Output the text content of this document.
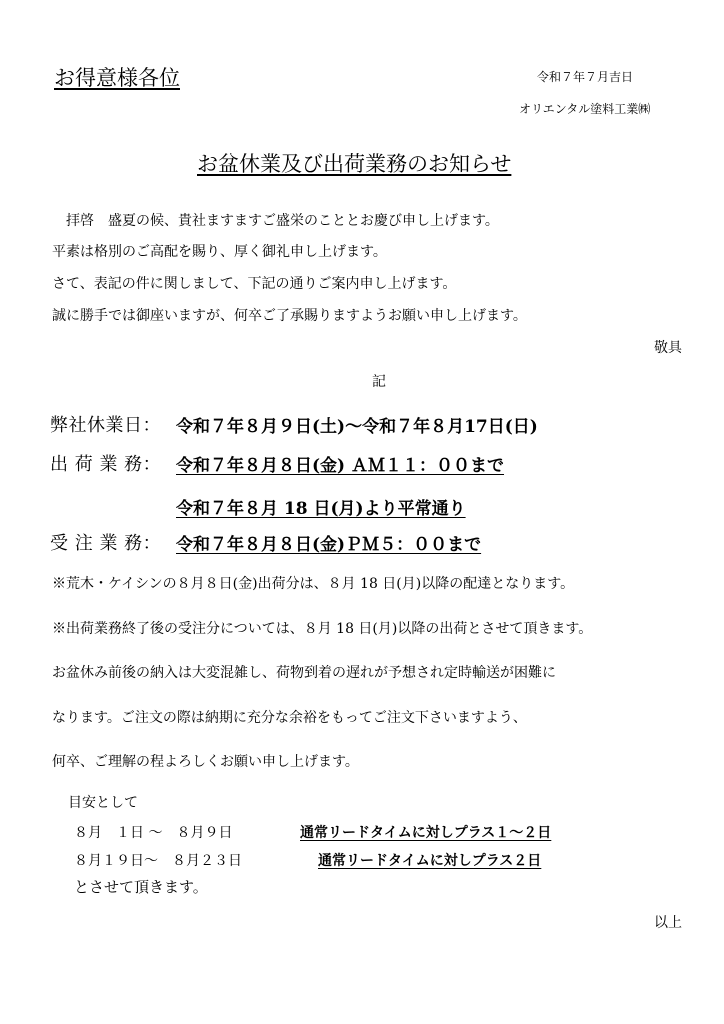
お得意様各位	令和７年７月吉日
オリエンタル塗料工業㈱
お盆休業及び出荷業務のお知らせ
　拝啓　盛夏の候、貴社ますますご盛栄のこととお慶び申し上げます。
平素は格別のご高配を賜り、厚く御礼申し上げます。
さて、表記の件に関しまして、下記の通りご案内申し上げます。
誠に勝手では御座いますが、何卒ご了承賜りますようお願い申し上げます。
敬具
記
弊社休業日： 令和７年８月９日(土)～令和７年８月17日(日)
出 荷 業 務： 令和７年８月８日(金) ＡＭ１１：００まで
令和７年８月 18 日(月)より平常通り
受 注 業 務： 令和７年８月８日(金)ＰＭ５：００まで
※荒木・ケイシンの８月８日(金)出荷分は、８月 18 日(月)以降の配達となります。
※出荷業務終了後の受注分については、８月 18 日(月)以降の出荷とさせて頂きます。
お盆休み前後の納入は大変混雑し、荷物到着の遅れが予想され定時輸送が困難に
なります。ご注文の際は納期に充分な余裕をもってご注文下さいますよう、
何卒、ご理解の程よろしくお願い申し上げます。
目安として
８月　１日 ～　８月９日	通常リードタイムに対しプラス１～２日
８月１９日～　８月２３日	通常リードタイムに対しプラス２日
とさせて頂きます。
以上
